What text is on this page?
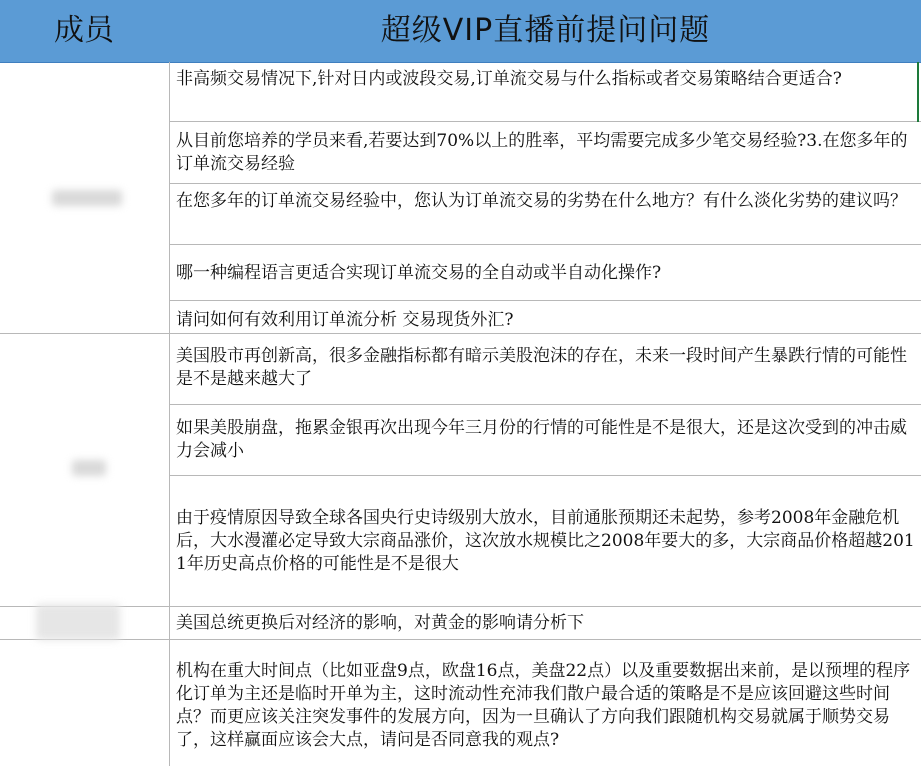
成员	超级VIP直播前提问问题
非高频交易情况下,针对日内或波段交易,订单流交易与什么指标或者交易策略结合更适合?
从目前您培养的学员来看,若要达到70%以上的胜率，平均需要完成多少笔交易经验?3.在您多年的订单流交易经验
在您多年的订单流交易经验中，您认为订单流交易的劣势在什么地方？有什么淡化劣势的建议吗？
哪一种编程语言更适合实现订单流交易的全自动或半自动化操作?
请问如何有效利用订单流分析 交易现货外汇?
美国股市再创新高，很多金融指标都有暗示美股泡沫的存在，未来一段时间产生暴跌行情的可能性是不是越来越大了
如果美股崩盘，拖累金银再次出现今年三月份的行情的可能性是不是很大，还是这次受到的冲击威力会减小
由于疫情原因导致全球各国央行史诗级别大放水，目前通胀预期还未起势，参考2008年金融危机后，大水漫灌必定导致大宗商品涨价，这次放水规模比之2008年要大的多，大宗商品价格超越2011年历史高点价格的可能性是不是很大
美国总统更换后对经济的影响，对黄金的影响请分析下
机构在重大时间点（比如亚盘9点，欧盘16点，美盘22点）以及重要数据出来前，是以预埋的程序化订单为主还是临时开单为主，这时流动性充沛我们散户最合适的策略是不是应该回避这些时间点？而更应该关注突发事件的发展方向，因为一旦确认了方向我们跟随机构交易就属于顺势交易了，这样赢面应该会大点，请问是否同意我的观点?
